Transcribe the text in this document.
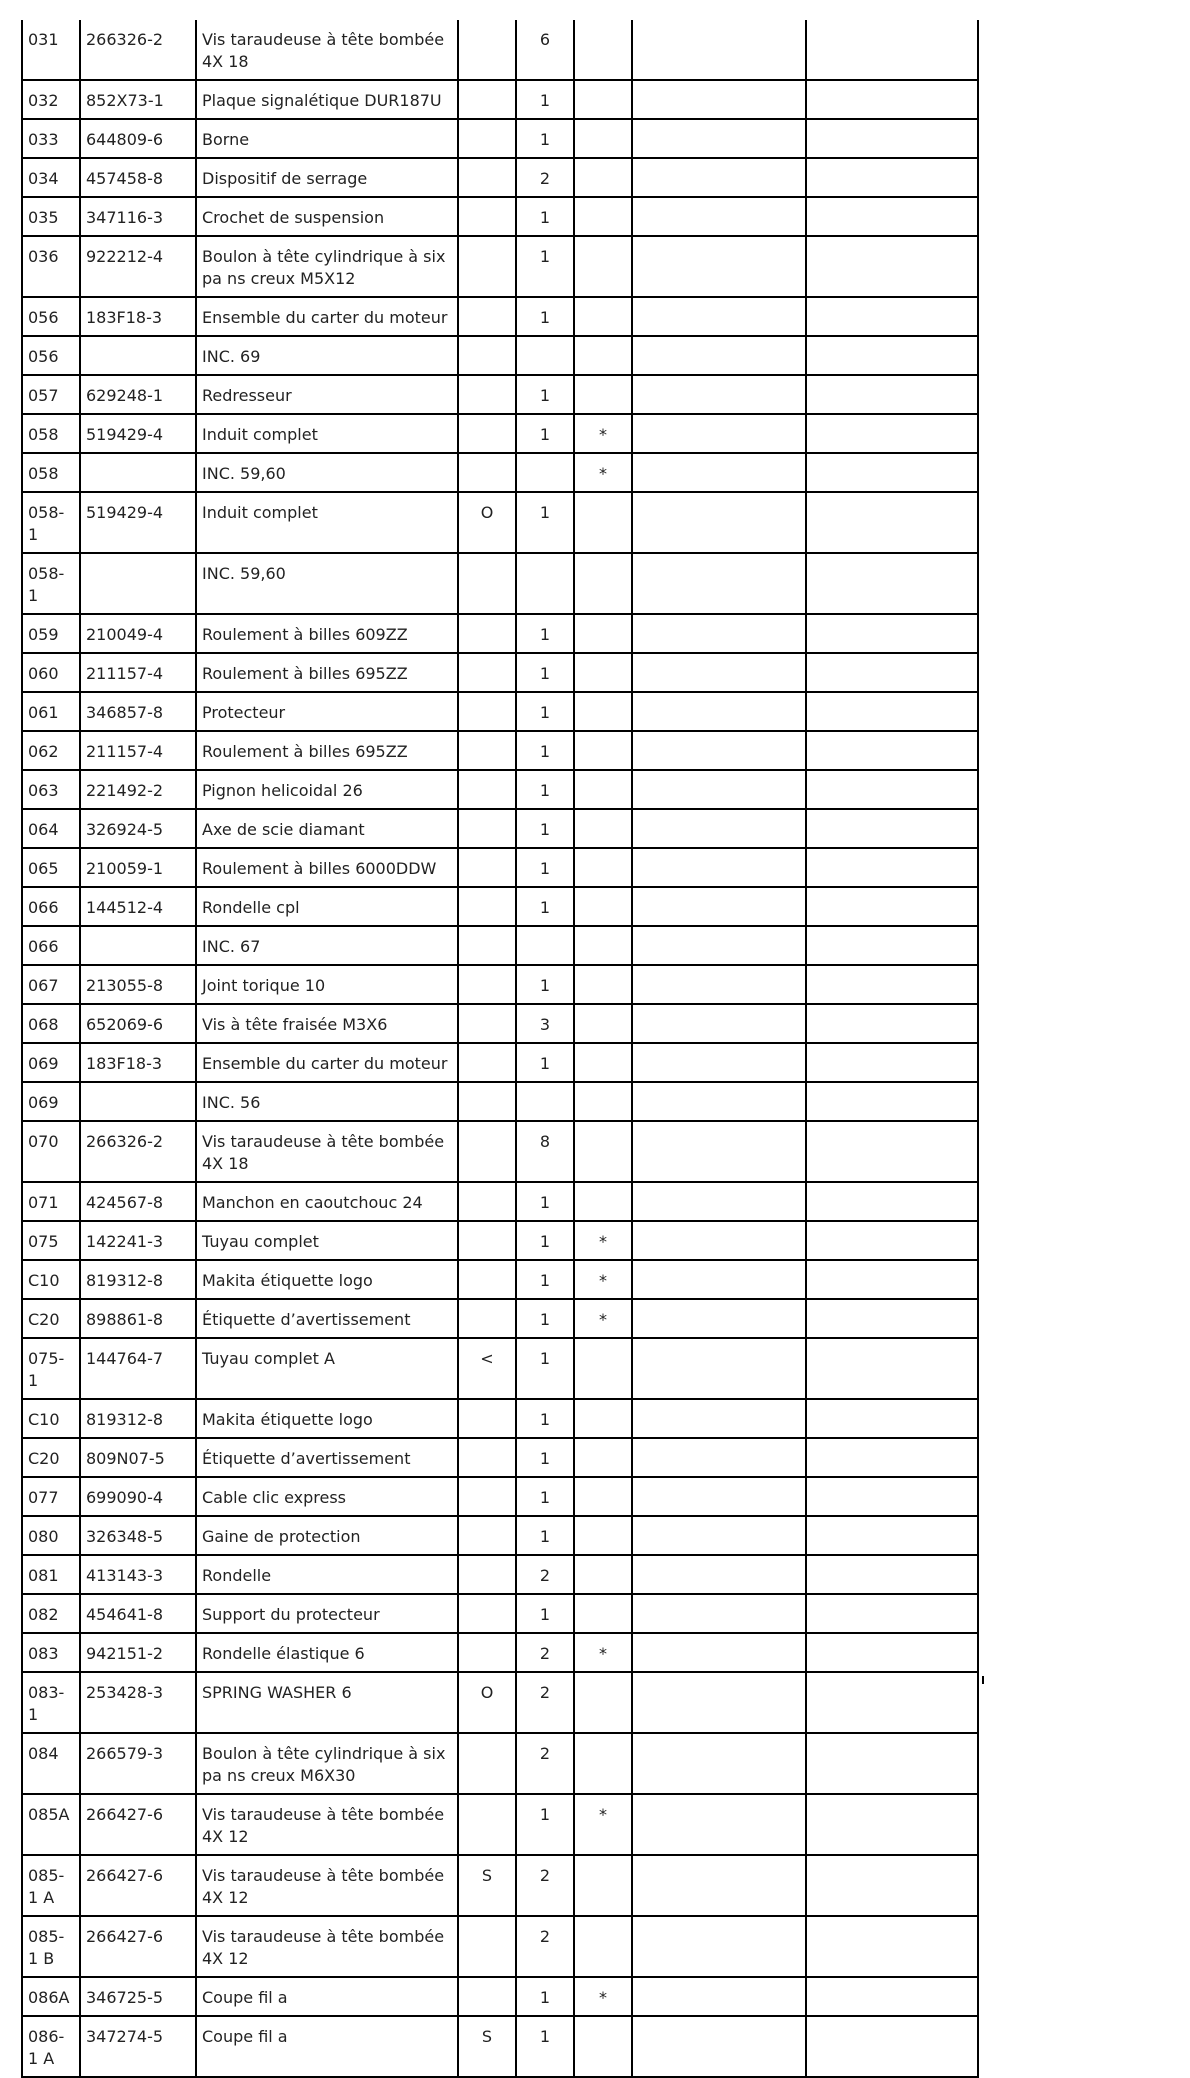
031	266326-2	Vis taraudeuse à tête bombée 4X 18		6			
032	852X73-1	Plaque signalétique DUR187U		1			
033	644809-6	Borne		1			
034	457458-8	Dispositif de serrage		2			
035	347116-3	Crochet de suspension		1			
036	922212-4	Boulon à tête cylindrique à six pa ns creux M5X12		1			
056	183F18-3	Ensemble du carter du moteur		1			
056		INC. 69					
057	629248-1	Redresseur		1			
058	519429-4	Induit complet		1	*		
058		INC. 59,60			*		
058-1	519429-4	Induit complet	O	1			
058-1		INC. 59,60					
059	210049-4	Roulement à billes 609ZZ		1			
060	211157-4	Roulement à billes 695ZZ		1			
061	346857-8	Protecteur		1			
062	211157-4	Roulement à billes 695ZZ		1			
063	221492-2	Pignon helicoidal 26		1			
064	326924-5	Axe de scie diamant		1			
065	210059-1	Roulement à billes 6000DDW		1			
066	144512-4	Rondelle cpl		1			
066		INC. 67					
067	213055-8	Joint torique 10		1			
068	652069-6	Vis à tête fraisée M3X6		3			
069	183F18-3	Ensemble du carter du moteur		1			
069		INC. 56					
070	266326-2	Vis taraudeuse à tête bombée 4X 18		8			
071	424567-8	Manchon en caoutchouc 24		1			
075	142241-3	Tuyau complet		1	*		
C10	819312-8	Makita étiquette logo		1	*		
C20	898861-8	Étiquette d’avertissement		1	*		
075-1	144764-7	Tuyau complet A	<	1			
C10	819312-8	Makita étiquette logo		1			
C20	809N07-5	Étiquette d’avertissement		1			
077	699090-4	Cable clic express		1			
080	326348-5	Gaine de protection		1			
081	413143-3	Rondelle		2			
082	454641-8	Support du protecteur		1			
083	942151-2	Rondelle élastique 6		2	*		
083-1	253428-3	SPRING WASHER 6	O	2			
084	266579-3	Boulon à tête cylindrique à six pa ns creux M6X30		2			
085A	266427-6	Vis taraudeuse à tête bombée 4X 12		1	*		
085-1 A	266427-6	Vis taraudeuse à tête bombée 4X 12	S	2			
085-1 B	266427-6	Vis taraudeuse à tête bombée 4X 12		2			
086A	346725-5	Coupe fil a		1	*		
086-1 A	347274-5	Coupe fil a	S	1			
